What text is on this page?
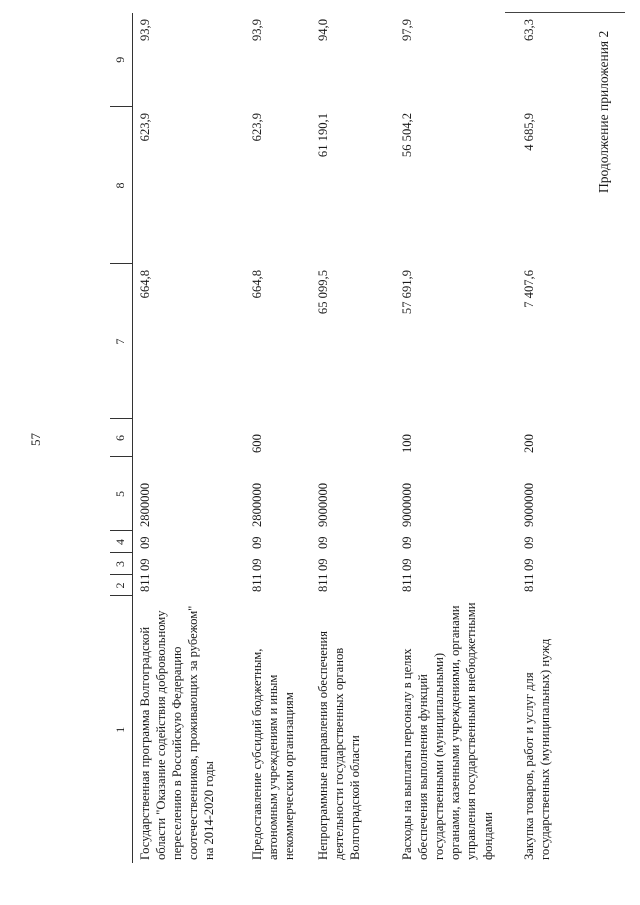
57
Продолжение приложения 2
1	2	3	4	5	6	7	8	9
Государственная программа Волгоградской области "Оказание содействия добровольному переселению в Российскую Федерацию соотечественников, проживающих за рубежом" на 2014-2020 годы	811	09	09	2800000		664,8	623,9	93,9
Предоставление субсидий бюджетным, автономным учреждениям и иным некоммерческим организациям	811	09	09	2800000	600	664,8	623,9	93,9
Непрограммные направления обеспечения деятельности государственных органов Волгоградской области	811	09	09	9000000		65 099,5	61 190,1	94,0
Расходы на выплаты персоналу в целях обеспечения выполнения функций государственными (муниципальными) органами, казенными учреждениями, органами управления государственными внебюджетными фондами	811	09	09	9000000	100	57 691,9	56 504,2	97,9
Закупка товаров, работ и услуг для государственных (муниципальных) нужд	811	09	09	9000000	200	7 407,6	4 685,9	63,3
